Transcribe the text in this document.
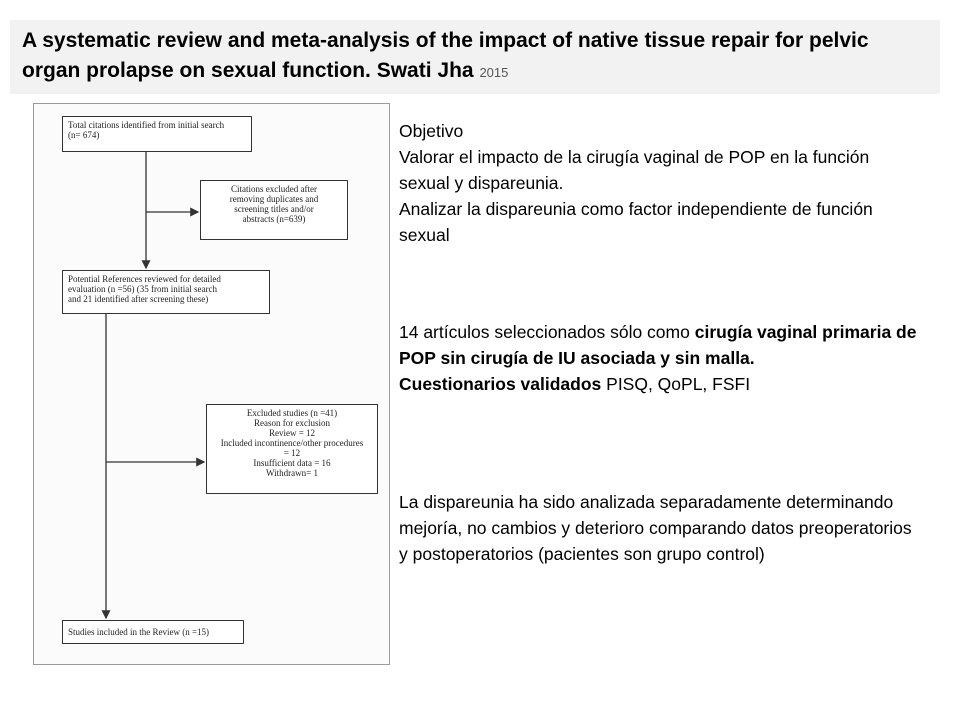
A systematic review and meta-analysis of the impact of native tissue repair for pelvic organ prolapse on sexual function. Swati Jha 2015
Total citations identified from initial search
(n= 674)
Citations excluded after
removing duplicates and
screening titles and/or
abstracts (n=639)
Potential References reviewed for detailed
evaluation (n =56) (35 from initial search
and 21 identified after screening these)
Excluded studies (n =41)
Reason for exclusion
Review = 12
Included incontinence/other procedures
= 12
Insufficient data = 16
Withdrawn= 1
Studies included in the Review (n =15)

Objetivo

Valorar el impacto de la cirugía vaginal de POP en la función sexual y dispareunia.

Analizar la dispareunia como factor independiente de función sexual

14 artículos seleccionados sólo como cirugía vaginal primaria de POP sin cirugía de IU asociada y sin malla.

Cuestionarios validados PISQ, QoPL, FSFI

La dispareunia ha sido analizada separadamente determinando mejoría, no cambios y deterioro comparando datos preoperatorios y postoperatorios (pacientes son grupo control)
